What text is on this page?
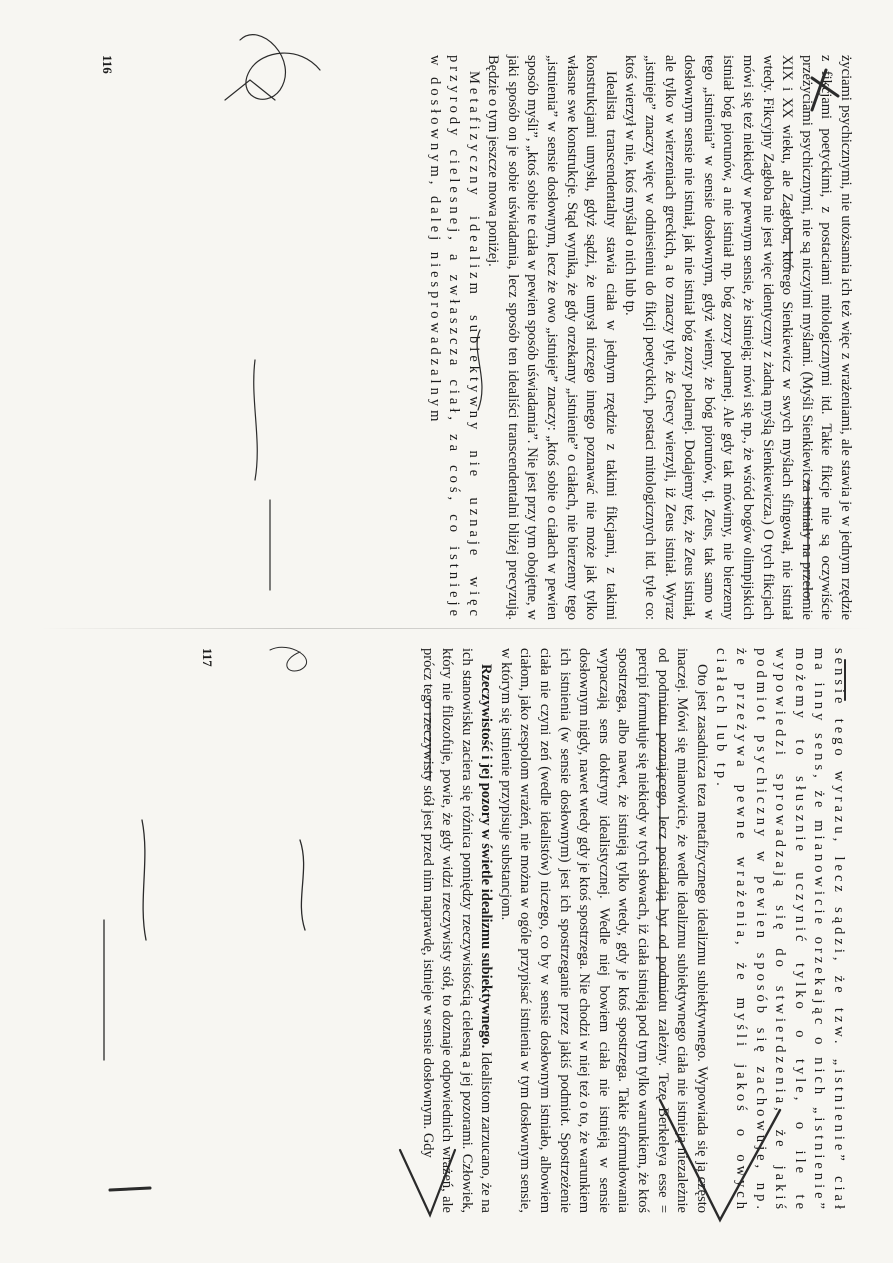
życiami psychicznymi, nie utożsamia ich też więc z wrażeniami, ale stawia je w jednym rzędzie z fikcjami poetyckimi, z postaciami mitologicznymi itd. Takie fikcje nie są oczywiście przeżyciami psychicznymi, nie są niczyimi myślami. (Myśli Sienkiewicza istniały na przełomie XIX i XX wieku, ale Zagłoba, którego Sienkiewicz w swych myślach sfingował, nie istniał wtedy. Fikcyjny Zagłoba nie jest więc identyczny z żadną myślą Sienkiewicza.) O tych fikcjach mówi się też niekiedy w pewnym sensie, że istnieją; mówi się np., że wśród bogów olimpijskich istniał bóg piorunów, a nie istniał np. bóg zorzy polarnej. Ale gdy tak mówimy, nie bierzemy tego „istnienia” w sensie dosłownym, gdyż wiemy, że bóg piorunów, tj. Zeus, tak samo w dosłownym sensie nie istniał, jak nie istniał bóg zorzy polarnej. Dodajemy też, że Zeus istniał, ale tylko w wierzeniach greckich, a to znaczy tyle, że Grecy wierzyli, iż Zeus istniał. Wyraz „istnieje” znaczy więc w odniesieniu do fikcji poetyckich, postaci mitologicznych itd. tyle co: ktoś wierzył w nie, ktoś myślał o nich lub tp.

Idealista transcendentalny stawia ciała w jednym rzędzie z takimi fikcjami, z takimi konstrukcjami umysłu, gdyż sądzi, że umysł niczego innego poznawać nie może jak tylko własne swe konstrukcje. Stąd wynika, że gdy orzekamy „istnienie” o ciałach, nie bierzemy tego „istnienia” w sensie dosłownym, lecz że owo „istnieje” znaczy: „ktoś sobie o ciałach w pewien sposób myśli”, „ktoś sobie te ciała w pewien sposób uświadamia”. Nie jest przy tym obojętne, w jaki sposób on je sobie uświadamia, lecz sposób ten idealiści transcendentalni bliżej precyzują. Będzie o tym jeszcze mowa poniżej.

Metafizyczny idealizm subiektywny nie uznaje więc przyrody cielesnej, a zwłaszcza ciał, za coś, co istnieje w dosłownym, dalej niesprowadzalnym

116

sensie tego wyrazu, lecz sądzi, że tzw. „istnienie” ciał ma inny sens, że mianowicie orzekając o nich „istnienie” możemy to słusznie uczynić tylko o tyle, o ile te wypowiedzi sprowadzają się do stwierdzenia, że jakiś podmiot psychiczny w pewien sposób się zachowuje, np. że przeżywa pewne wrażenia, że myśli jakoś o owych ciałach lub tp.

Oto jest zasadnicza teza metafizycznego idealizmu subiektywnego. Wypowiada się ją często inaczej. Mówi się mianowicie, że wedle idealizmu subiektywnego ciała nie istnieją niezależnie od podmiotu poznającego, lecz posiadają byt od podmiotu zależny. Tezę Berkeleya esse = percipi formułuje się niekiedy w tych słowach, iż ciała istnieją pod tym tylko warunkiem, że ktoś spostrzega, albo nawet, że istnieją tylko wtedy, gdy je ktoś spostrzega. Takie sformułowania wypaczają sens doktryny idealistycznej. Wedle niej bowiem ciała nie istnieją w sensie dosłownym nigdy, nawet wtedy gdy je ktoś spostrzega. Nie chodzi w niej też o to, że warunkiem ich istnienia (w sensie dosłownym) jest ich spostrzeganie przez jakiś podmiot. Spostrzeżenie ciała nie czyni zeń (wedle idealistów) niczego, co by w sensie dosłownym istniało, albowiem ciałom, jako zespolom wrażeń, nie można w ogóle przypisać istnienia w tym dosłownym sensie, w którym się istnienie przypisuje substancjom.

Rzeczywistość i jej pozory w świetle idealizmu subiektywnego. Idealistom zarzucano, że na ich stanowisku zaciera się różnica pomiędzy rzeczywistością cielesną a jej pozorami. Człowiek, który nie filozofuje, powie, że gdy widzi rzeczywisty stół, to doznaje odpowiednich wrażeń, ale prócz tego rzeczywisty stół jest przed nim naprawdę, istnieje w sensie dosłownym. Gdy

117
